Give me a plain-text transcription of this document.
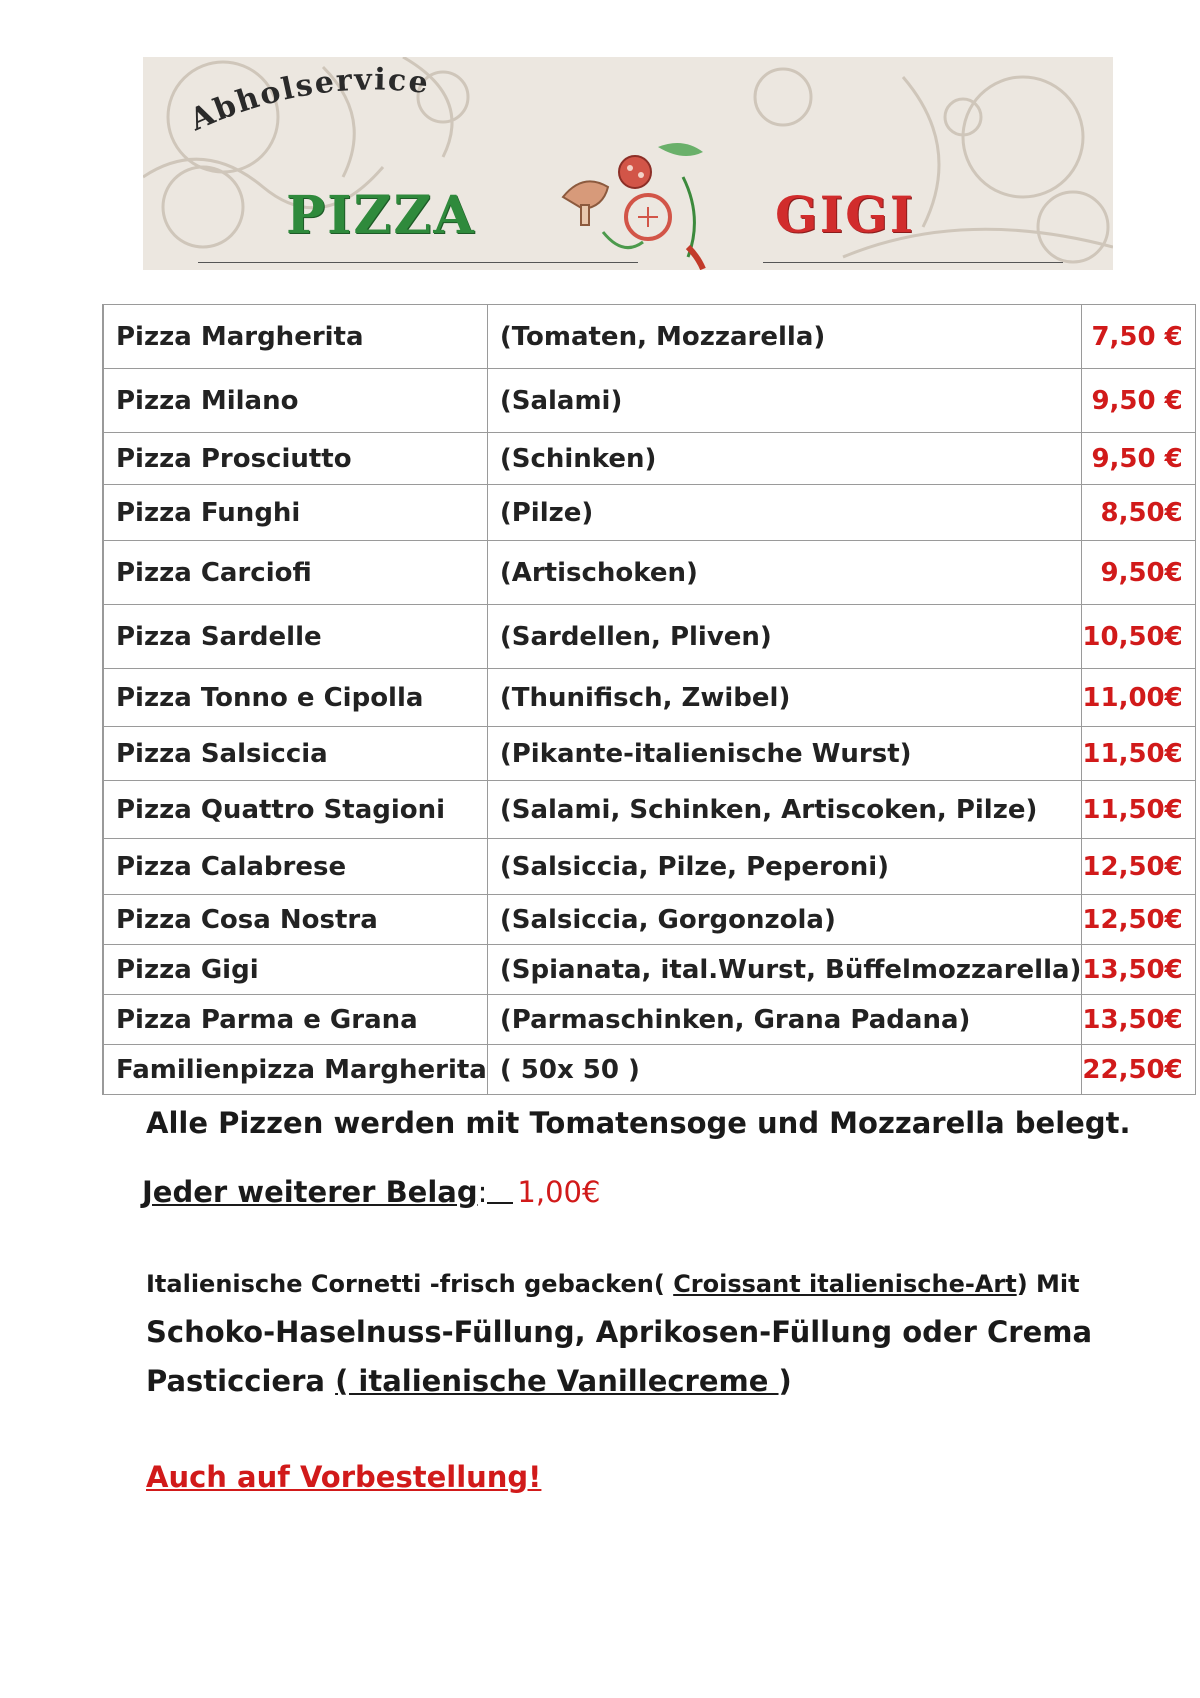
Abholservice
PIZZA	GIGI
	Pizza Margherita	(Tomaten, Mozzarella)	7,50 €
	Pizza Milano	(Salami)	9,50 €
	Pizza Prosciutto	(Schinken)	9,50 €
	Pizza Funghi	(Pilze)	8,50€
	Pizza Carciofi	(Artischoken)	9,50€
	Pizza Sardelle	(Sardellen, Pliven)	10,50€
	Pizza Tonno e Cipolla	(Thunifisch, Zwibel)	11,00€
	Pizza Salsiccia	(Pikante-italienische Wurst)	11,50€
	Pizza Quattro Stagioni	(Salami, Schinken, Artiscoken, Pilze)	11,50€
	Pizza Calabrese	(Salsiccia, Pilze, Peperoni)	12,50€
	Pizza Cosa Nostra	(Salsiccia, Gorgonzola)	12,50€
	Pizza Gigi	(Spianata, ital.Wurst, Büffelmozzarella)	13,50€
	Pizza Parma e Grana	(Parmaschinken, Grana Padana)	13,50€
	Familienpizza Margherita	( 50x 50 )	22,50€
Alle Pizzen werden mit Tomatensoge und Mozzarella belegt.
Jeder weiterer Belag: 1,00€
Italienische Cornetti -frisch gebacken( Croissant italienische-Art) Mit
Schoko-Haselnuss-Füllung, Aprikosen-Füllung oder Crema
Pasticciera ( italienische Vanillecreme )
Auch auf Vorbestellung!
